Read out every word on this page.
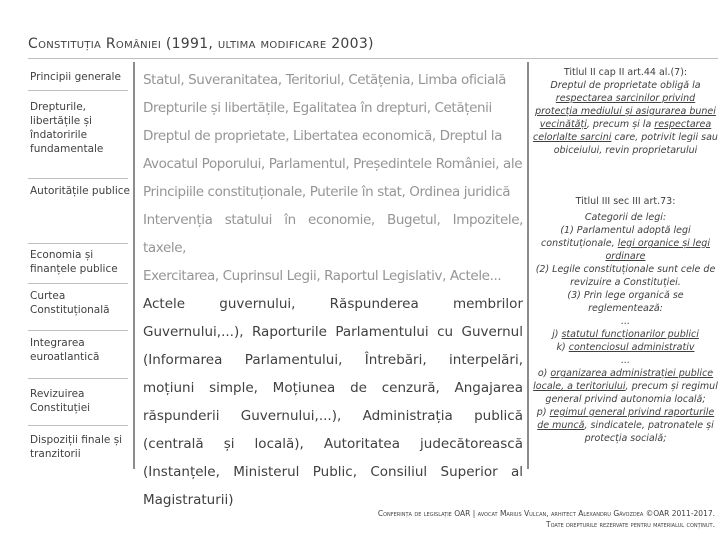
Constituția României (1991, ultima modificare 2003)
Principii generale
Drepturile, libertățile și îndatoririle fundamentale
Autoritățile publice
Economia și finanțele publice
Curtea Constituțională
Integrarea euroatlantică
Revizuirea Constituției
Dispoziții finale și tranzitorii

Statul, Suveranitatea, Teritoriul, Cetățenia, Limba oficială

Drepturile și libertățile, Egalitatea în drepturi, Cetățenii

Dreptul de proprietate, Libertatea economică, Dreptul la

Avocatul Poporului, Parlamentul, Președintele României, ale

Principiile constituționale, Puterile în stat, Ordinea juridică

Intervenția statului în economie, Bugetul, Impozitele, taxele,

Exercitarea, Cuprinsul Legii, Raportul Legislativ, Actele...

Actele guvernului, Răspunderea membrilor Guvernului,...), Raporturile Parlamentului cu Guvernul (Informarea Parlamentului, Întrebări, interpelări, moțiuni simple, Moțiunea de cenzură, Angajarea răspunderii Guvernului,...), Administrația publică (centrală și locală), Autoritatea judecătorească (Instanțele, Ministerul Public, Consiliul Superior al Magistraturii)

Titlul II cap II art.44 al.(7):
Dreptul de proprietate obligă la respectarea sarcinilor privind protecția mediului și asigurarea bunei vecinătăți, precum și la respectarea celorlalte sarcini care, potrivit legii sau obiceiului, revin proprietarului
Titlul III sec III art.73:
Categorii de legi:
(1) Parlamentul adoptă legi constituționale, legi organice și legi ordinare
(2) Legile constituționale sunt cele de revizuire a Constituției.
(3) Prin lege organică se reglementează:
...
j) statutul funcționarilor publici
k) contenciosul administrativ
...
o) organizarea administrației publice locale, a teritoriului, precum și regimul general privind autonomia locală;
p) regimul general privind raporturile de muncă, sindicatele, patronatele și protecția socială;
Conferința de legislație OAR | avocat Marius Vulcan, arhitect Alexandru Găvozdea ©OAR 2011-2017.
Toate drepturile rezervate pentru materialul conținut.
